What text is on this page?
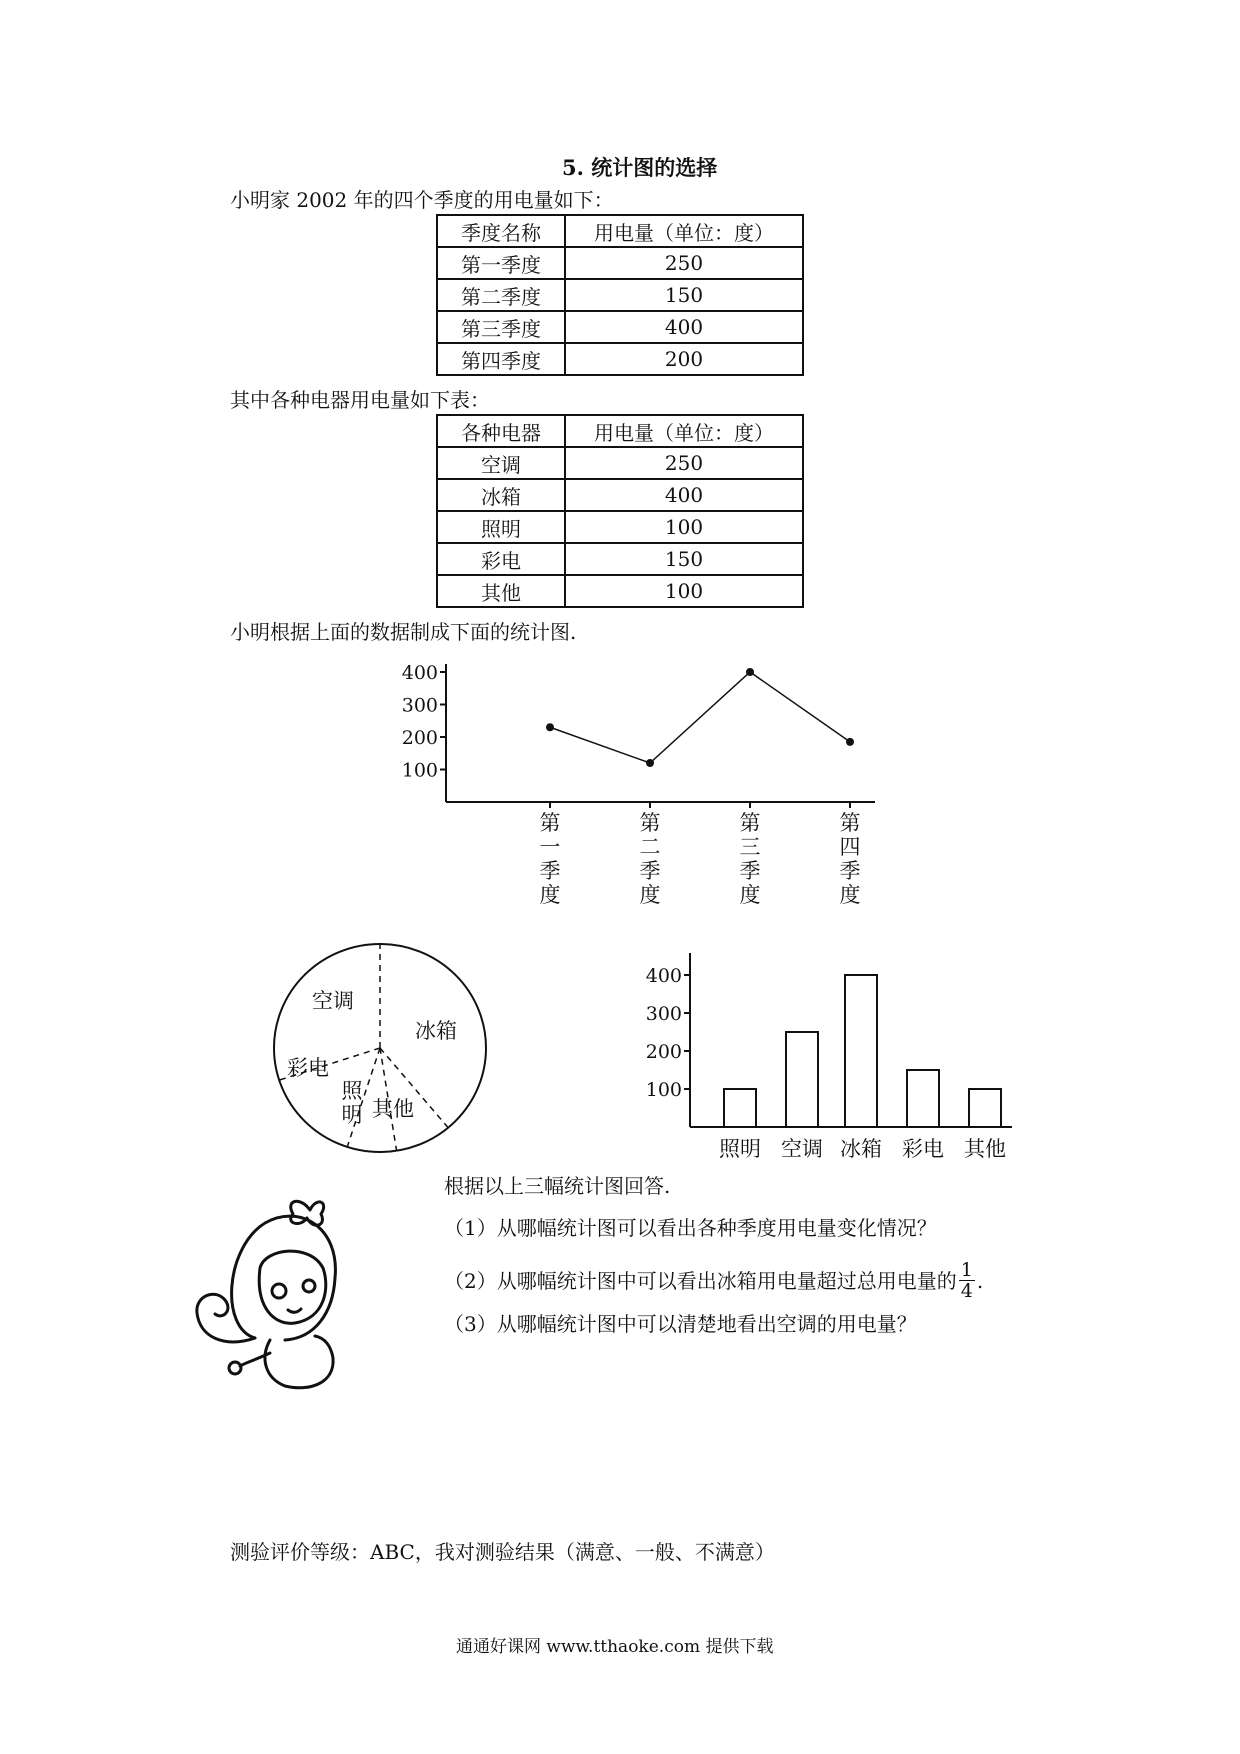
5. 统计图的选择
小明家 2002 年的四个季度的用电量如下：
季度名称	用电量（单位：度）
第一季度	250
第二季度	150
第三季度	400
第四季度	200
其中各种电器用电量如下表：
各种电器	用电量（单位：度）
空调	250
冰箱	400
照明	100
彩电	150
其他	100
小明根据上面的数据制成下面的统计图.
100
200
300
400
第
一
季
度
第
二
季
度
第
三
季
度
第
四
季
度
空调
冰箱
彩电
其他
照
明
100
200
300
400
照明 空调 冰箱 彩电 其他
根据以上三幅统计图回答.
（1）从哪幅统计图可以看出各种季度用电量变化情况？
（2）从哪幅统计图中可以看出冰箱用电量超过总用电量的 $\frac{1}{4}$ .
（3）从哪幅统计图中可以清楚地看出空调的用电量？
测验评价等级：ABC，我对测验结果（满意、一般、不满意）
通通好课网 www.tthaoke.com 提供下载
